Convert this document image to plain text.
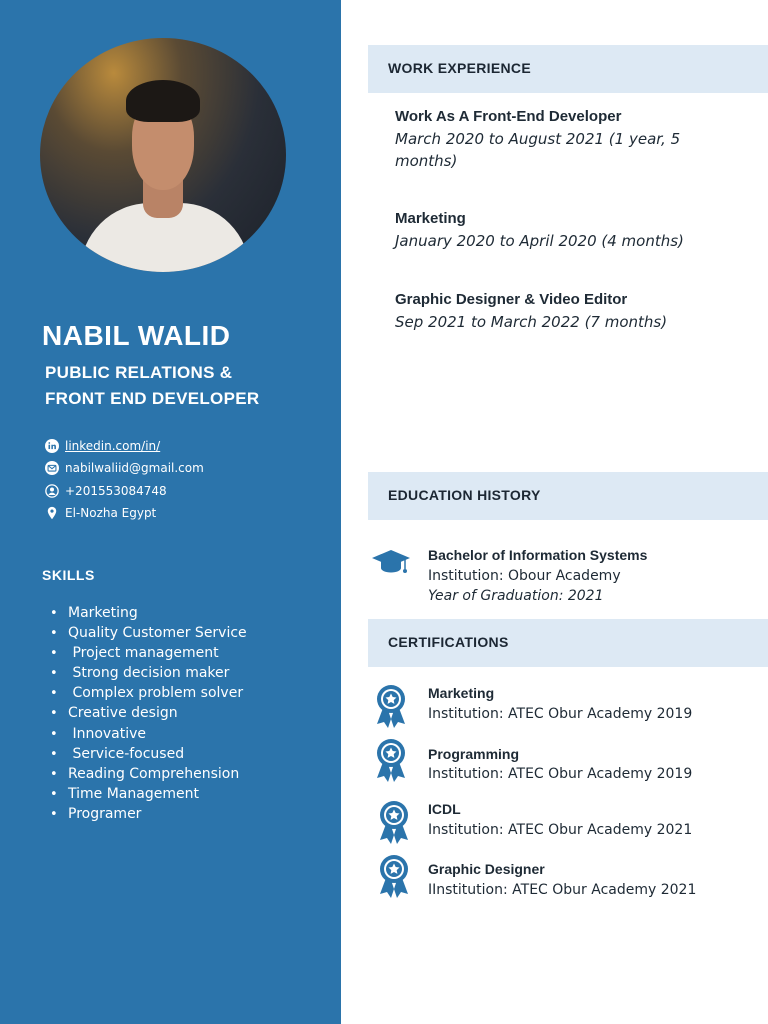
NABIL WALID
PUBLIC RELATIONS &
FRONT END DEVELOPER
linkedin.com/in/
nabilwaliid@gmail.com
+201553084748
El-Nozha Egypt
SKILLS
• Marketing
• Quality Customer Service
•  Project management
•  Strong decision maker
•  Complex problem solver
• Creative design
•  Innovative
•  Service-focused
• Reading Comprehension
• Time Management
• Programer
WORK EXPERIENCE
Work As A Front-End Developer
March 2020 to August 2021 (1 year, 5 months)
Marketing
January 2020 to April 2020 (4 months)
Graphic Designer & Video Editor
Sep 2021 to March 2022 (7 months)
EDUCATION HISTORY
Bachelor of Information Systems
Institution: Obour Academy
Year of Graduation: 2021
CERTIFICATIONS
Marketing
Institution: ATEC Obur Academy 2019
Programming
Institution: ATEC Obur Academy 2019
ICDL
Institution: ATEC Obur Academy 2021
Graphic Designer
IInstitution: ATEC Obur Academy 2021
